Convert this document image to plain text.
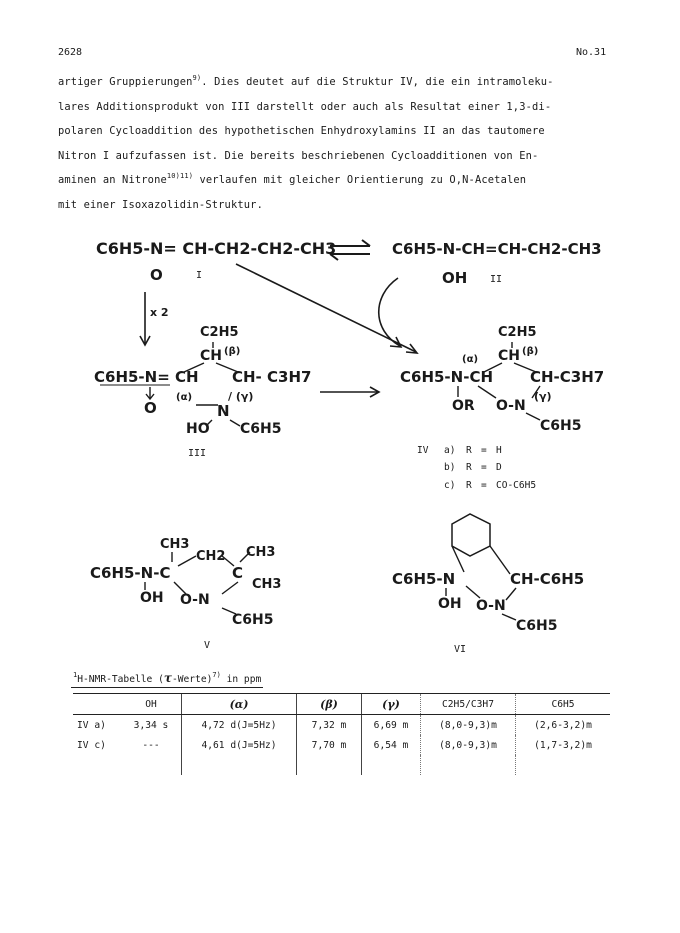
2628	No.31
artiger Gruppierungen$^{9)}$. Dies deutet auf die Struktur IV, die ein intramoleku-
lares Additionsprodukt von III darstellt oder auch als Resultat einer 1,3-di-
polaren Cycloaddition des hypothetischen Enhydroxylamins II an das tautomere
Nitron I aufzufassen ist. Die bereits beschriebenen Cycloadditionen von En-
aminen an Nitrone$^{10)11)}$ verlaufen mit gleicher Orientierung zu O,N-Acetalen
mit einer Isoxazolidin-Struktur.
C6H5-N= CH-CH2-CH2-CH3
O	I
C6H5-N-CH=CH-CH2-CH3
OH II
x 2
C2H5
CH (β)
C6H5-N= CH CH- C3H7
(α)	/ (γ)
O	N
HO C6H5
III
C2H5
CH (β)
(α)
C6H5-N-CH CH-C3H7
OR O-N
(γ)
C6H5
IV a) R = H
b) R = D
c) R = CO-C6H5
CH3
CH2 CH3
C6H5-N-C	C
CH3
OH O-N
C6H5
V
C6H5-N	CH-C6H5
OH O-N
C6H5
VI
$^1$H-NMR-Tabelle (τ-Werte)$^{7)}$ in ppm
	OH	(α)	(β)	(γ)	C2H5/C3H7	C6H5
IV a)	3,34 s	4,72 d(J=5Hz)	7,32 m	6,69 m	(8,0-9,3)m	(2,6-3,2)m
IV c)	---	4,61 d(J=5Hz)	7,70 m	6,54 m	(8,0-9,3)m	(1,7-3,2)m
